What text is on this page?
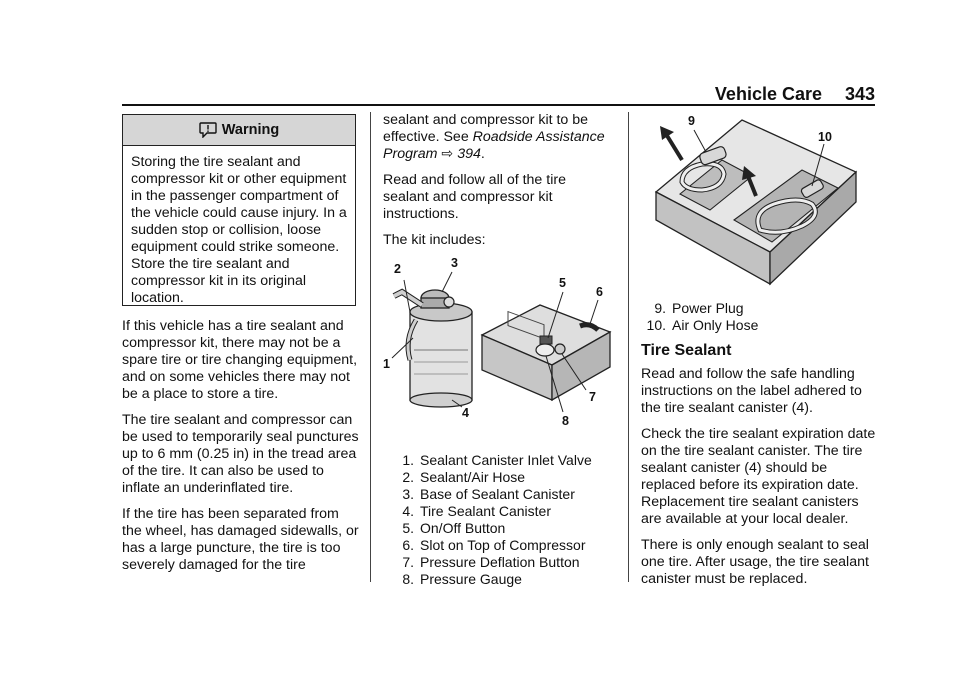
Vehicle Care 343
Warning
Storing the tire sealant and compressor kit or other equipment in the passenger compartment of the vehicle could cause injury. In a sudden stop or collision, loose equipment could strike someone. Store the tire sealant and compressor kit in its original location.

If this vehicle has a tire sealant and compressor kit, there may not be a spare tire or tire changing equipment, and on some vehicles there may not be a place to store a tire.

The tire sealant and compressor can be used to temporarily seal punctures up to 6 mm (0.25 in) in the tread area of the tire. It can also be used to inflate an underinflated tire.

If the tire has been separated from the wheel, has damaged sidewalls, or has a large puncture, the tire is too severely damaged for the tire

sealant and compressor kit to be effective. See Roadside Assistance Program ⇨ 394.

Read and follow all of the tire sealant and compressor kit instructions.

The kit includes:

2	3
1
4
5
6
7
8
1. Sealant Canister Inlet Valve
2. Sealant/Air Hose
3. Base of Sealant Canister
4. Tire Sealant Canister
5. On/Off Button
6. Slot on Top of Compressor
7. Pressure Deflation Button
8. Pressure Gauge
9
10
9. Power Plug
10. Air Only Hose
Tire Sealant

Read and follow the safe handling instructions on the label adhered to the tire sealant canister (4).

Check the tire sealant expiration date on the tire sealant canister. The tire sealant canister (4) should be replaced before its expiration date. Replacement tire sealant canisters are available at your local dealer.

There is only enough sealant to seal one tire. After usage, the tire sealant canister must be replaced.
